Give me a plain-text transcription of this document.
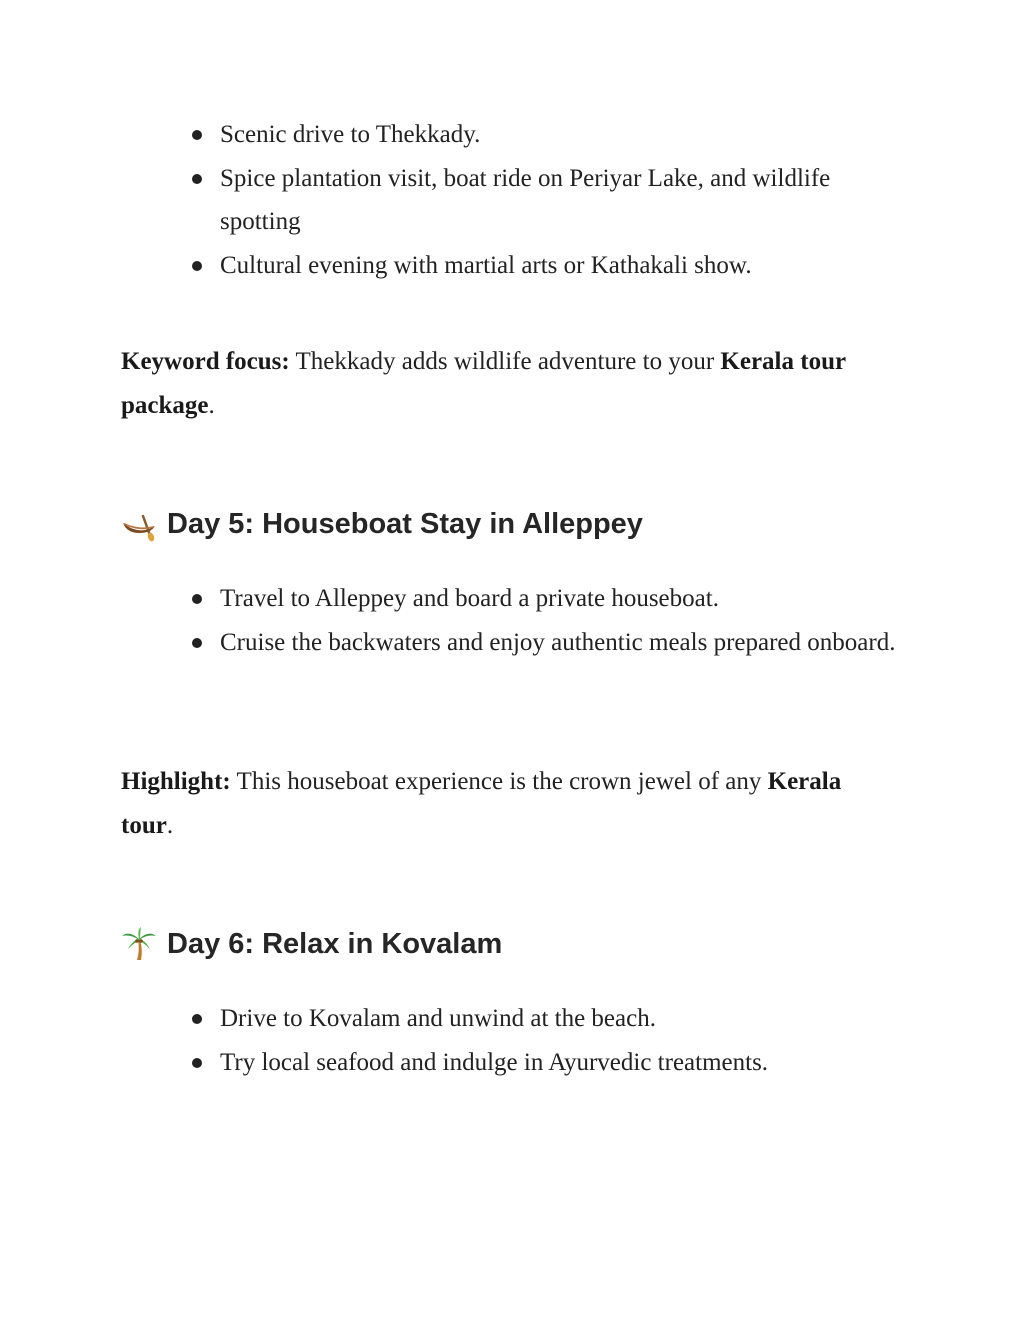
Scenic drive to Thekkady.
Spice plantation visit, boat ride on Periyar Lake, and wildlife spotting
Cultural evening with martial arts or Kathakali show.

Keyword focus: Thekkady adds wildlife adventure to your Kerala tour package.

Day 5: Houseboat Stay in Alleppey
Travel to Alleppey and board a private houseboat.
Cruise the backwaters and enjoy authentic meals prepared onboard.

Highlight: This houseboat experience is the crown jewel of any Kerala tour.

Day 6: Relax in Kovalam
Drive to Kovalam and unwind at the beach.
Try local seafood and indulge in Ayurvedic treatments.
